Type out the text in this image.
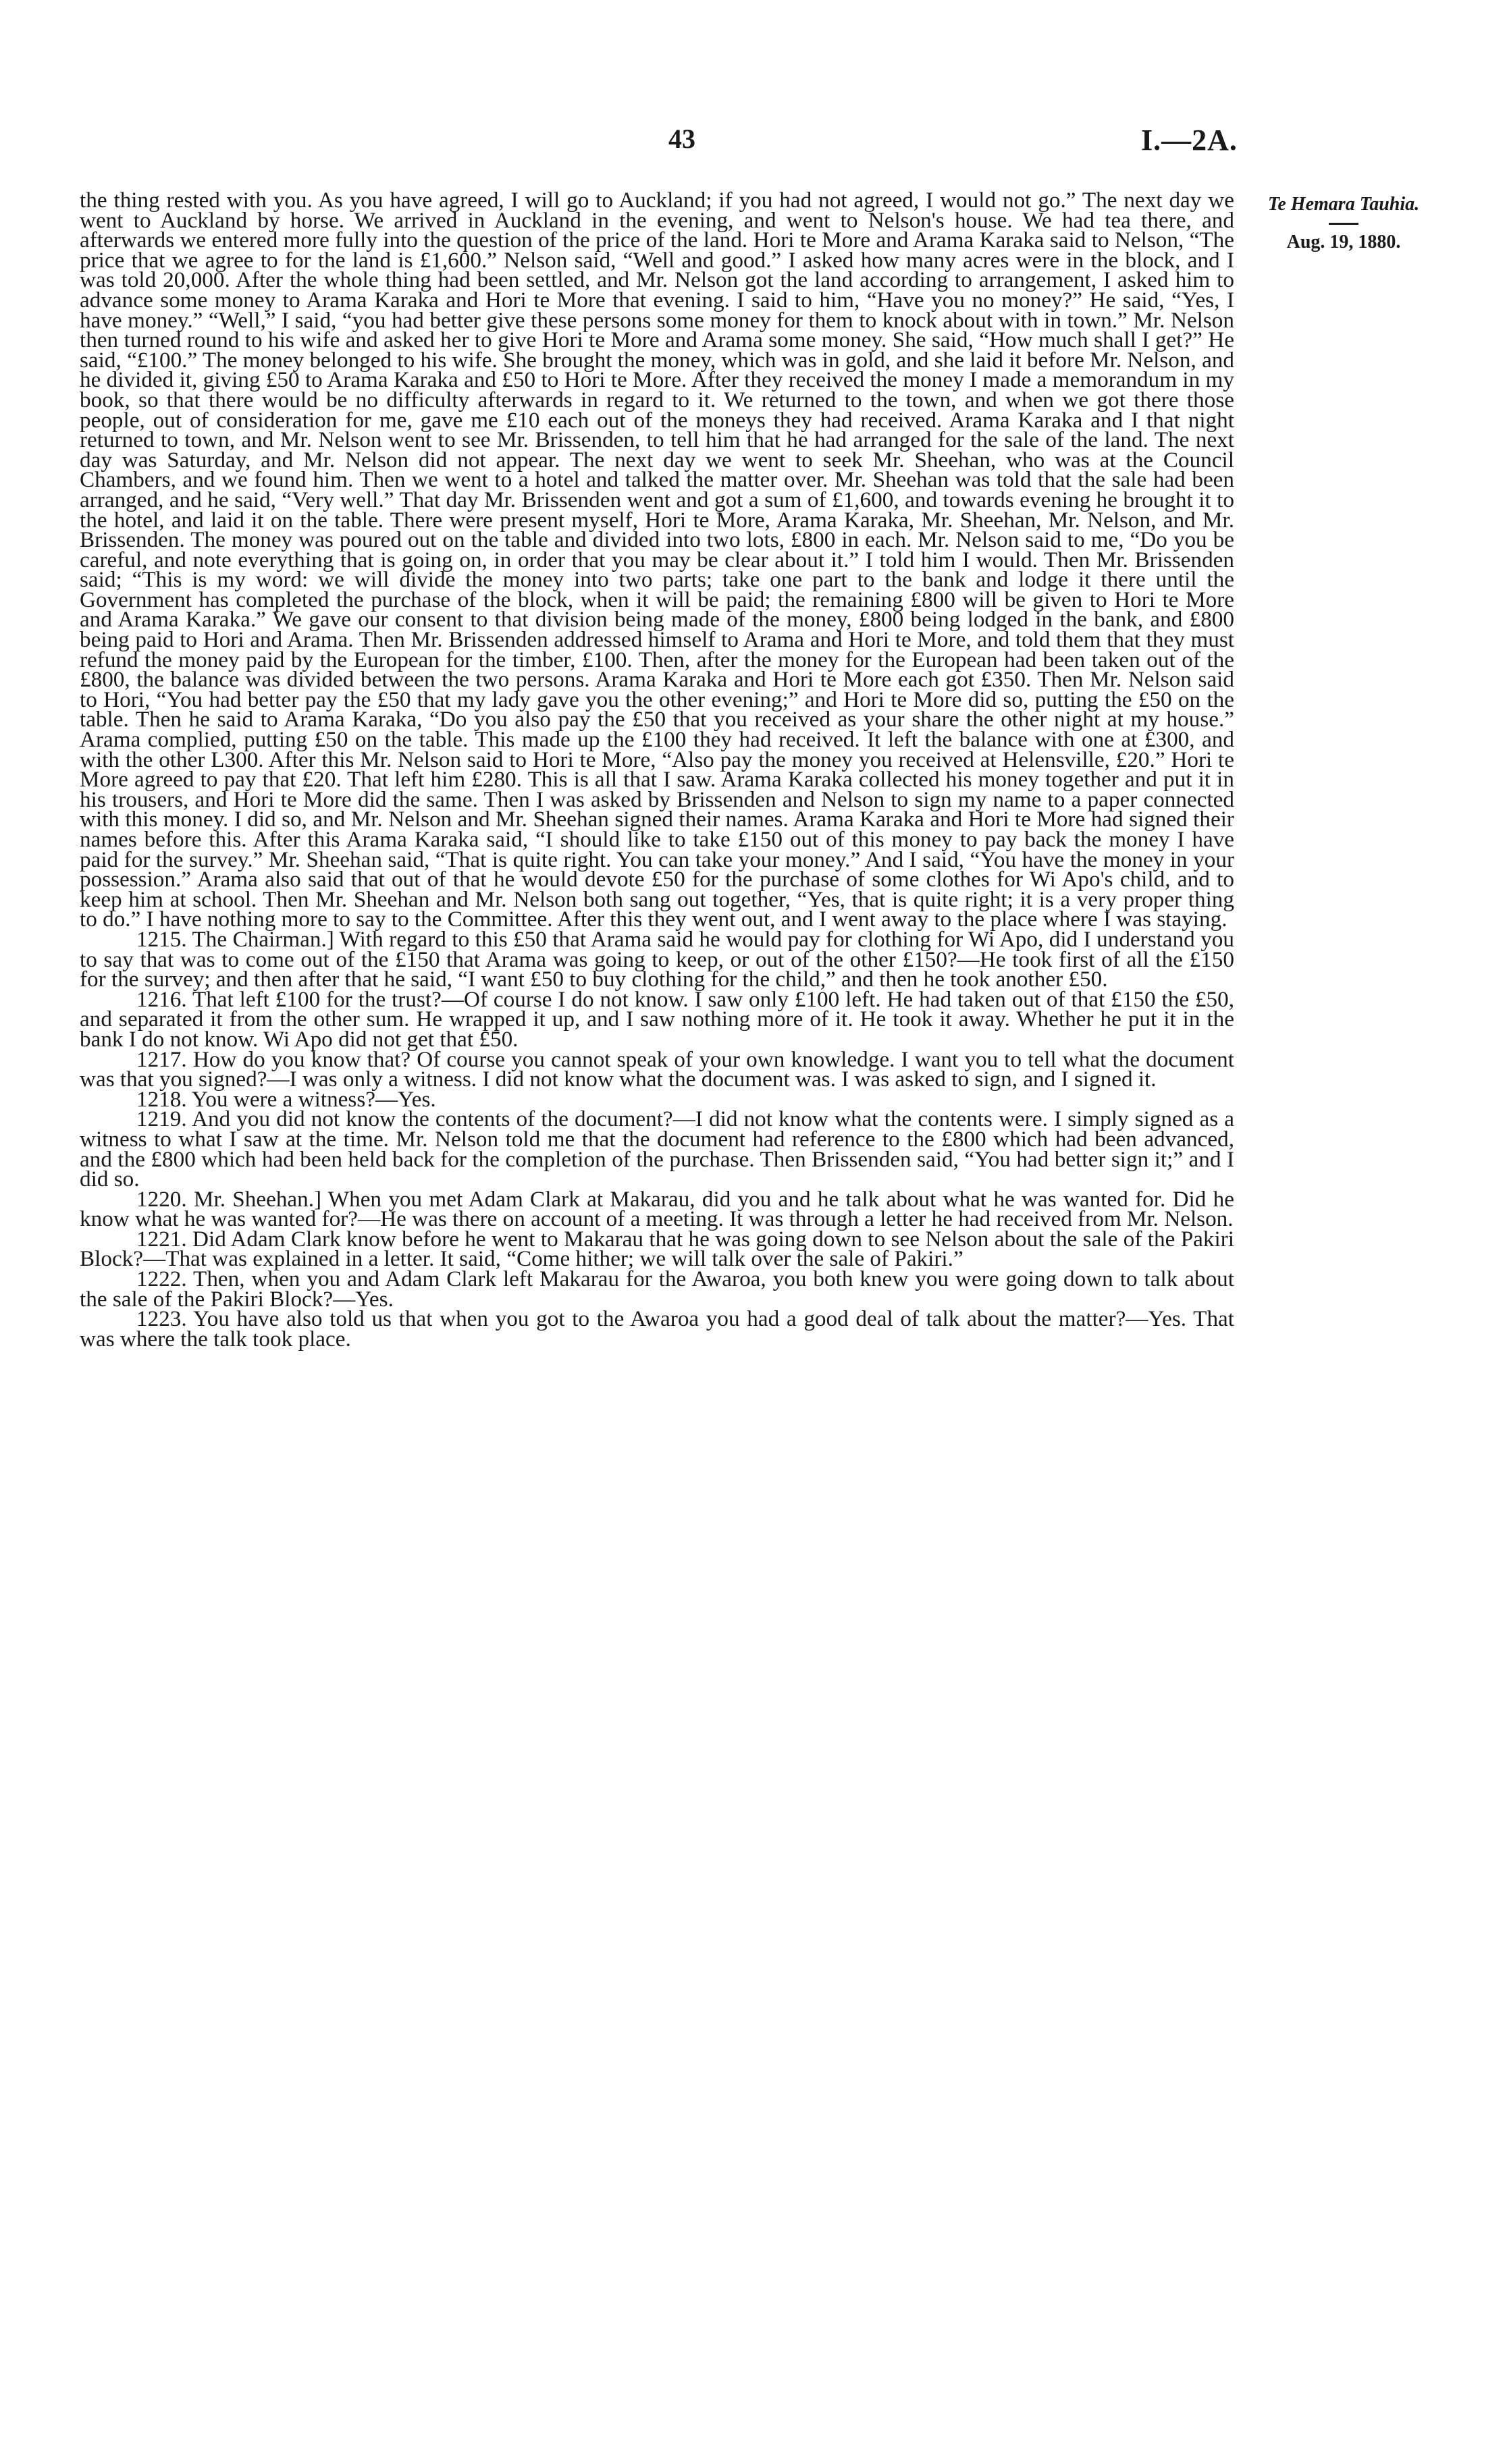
43	I.—2A.
Te Hemara Tauhia.
Aug. 19, 1880.

the thing rested with you. As you have agreed, I will go to Auckland; if you had not agreed, I would not go.” The next day we went to Auckland by horse. We arrived in Auckland in the evening, and went to Nelson's house. We had tea there, and afterwards we entered more fully into the question of the price of the land. Hori te More and Arama Karaka said to Nelson, “The price that we agree to for the land is £1,600.” Nelson said, “Well and good.” I asked how many acres were in the block, and I was told 20,000. After the whole thing had been settled, and Mr. Nelson got the land according to arrangement, I asked him to advance some money to Arama Karaka and Hori te More that evening. I said to him, “Have you no money?” He said, “Yes, I have money.” “Well,” I said, “you had better give these persons some money for them to knock about with in town.” Mr. Nelson then turned round to his wife and asked her to give Hori te More and Arama some money. She said, “How much shall I get?” He said, “£100.” The money belonged to his wife. She brought the money, which was in gold, and she laid it before Mr. Nelson, and he divided it, giving £50 to Arama Karaka and £50 to Hori te More. After they received the money I made a memorandum in my book, so that there would be no difficulty afterwards in regard to it. We returned to the town, and when we got there those people, out of consideration for me, gave me £10 each out of the moneys they had received. Arama Karaka and I that night returned to town, and Mr. Nelson went to see Mr. Brissenden, to tell him that he had arranged for the sale of the land. The next day was Saturday, and Mr. Nelson did not appear. The next day we went to seek Mr. Sheehan, who was at the Council Chambers, and we found him. Then we went to a hotel and talked the matter over. Mr. Sheehan was told that the sale had been arranged, and he said, “Very well.” That day Mr. Brissenden went and got a sum of £1,600, and towards evening he brought it to the hotel, and laid it on the table. There were present myself, Hori te More, Arama Karaka, Mr. Sheehan, Mr. Nelson, and Mr. Brissenden. The money was poured out on the table and divided into two lots, £800 in each. Mr. Nelson said to me, “Do you be careful, and note everything that is going on, in order that you may be clear about it.” I told him I would. Then Mr. Brissenden said; “This is my word: we will divide the money into two parts; take one part to the bank and lodge it there until the Government has completed the purchase of the block, when it will be paid; the remaining £800 will be given to Hori te More and Arama Karaka.” We gave our consent to that division being made of the money, £800 being lodged in the bank, and £800 being paid to Hori and Arama. Then Mr. Brissenden addressed himself to Arama and Hori te More, and told them that they must refund the money paid by the European for the timber, £100. Then, after the money for the European had been taken out of the £800, the balance was divided between the two persons. Arama Karaka and Hori te More each got £350. Then Mr. Nelson said to Hori, “You had better pay the £50 that my lady gave you the other evening;” and Hori te More did so, putting the £50 on the table. Then he said to Arama Karaka, “Do you also pay the £50 that you received as your share the other night at my house.” Arama complied, putting £50 on the table. This made up the £100 they had received. It left the balance with one at £300, and with the other L300. After this Mr. Nelson said to Hori te More, “Also pay the money you received at Helensville, £20.” Hori te More agreed to pay that £20. That left him £280. This is all that I saw. Arama Karaka collected his money together and put it in his trousers, and Hori te More did the same. Then I was asked by Brissenden and Nelson to sign my name to a paper connected with this money. I did so, and Mr. Nelson and Mr. Sheehan signed their names. Arama Karaka and Hori te More had signed their names before this. After this Arama Karaka said, “I should like to take £150 out of this money to pay back the money I have paid for the survey.” Mr. Sheehan said, “That is quite right. You can take your money.” And I said, “You have the money in your possession.” Arama also said that out of that he would devote £50 for the purchase of some clothes for Wi Apo's child, and to keep him at school. Then Mr. Sheehan and Mr. Nelson both sang out together, “Yes, that is quite right; it is a very proper thing to do.” I have nothing more to say to the Committee. After this they went out, and I went away to the place where I was staying.

1215. The Chairman.] With regard to this £50 that Arama said he would pay for clothing for Wi Apo, did I understand you to say that was to come out of the £150 that Arama was going to keep, or out of the other £150?—He took first of all the £150 for the survey; and then after that he said, “I want £50 to buy clothing for the child,” and then he took another £50.

1216. That left £100 for the trust?—Of course I do not know. I saw only £100 left. He had taken out of that £150 the £50, and separated it from the other sum. He wrapped it up, and I saw nothing more of it. He took it away. Whether he put it in the bank I do not know. Wi Apo did not get that £50.

1217. How do you know that? Of course you cannot speak of your own knowledge. I want you to tell what the document was that you signed?—I was only a witness. I did not know what the document was. I was asked to sign, and I signed it.

1218. You were a witness?—Yes.

1219. And you did not know the contents of the document?—I did not know what the contents were. I simply signed as a witness to what I saw at the time. Mr. Nelson told me that the document had reference to the £800 which had been advanced, and the £800 which had been held back for the completion of the purchase. Then Brissenden said, “You had better sign it;” and I did so.

1220. Mr. Sheehan.] When you met Adam Clark at Makarau, did you and he talk about what he was wanted for. Did he know what he was wanted for?—He was there on account of a meeting. It was through a letter he had received from Mr. Nelson.

1221. Did Adam Clark know before he went to Makarau that he was going down to see Nelson about the sale of the Pakiri Block?—That was explained in a letter. It said, “Come hither; we will talk over the sale of Pakiri.”

1222. Then, when you and Adam Clark left Makarau for the Awaroa, you both knew you were going down to talk about the sale of the Pakiri Block?—Yes.

1223. You have also told us that when you got to the Awaroa you had a good deal of talk about the matter?—Yes. That was where the talk took place.
